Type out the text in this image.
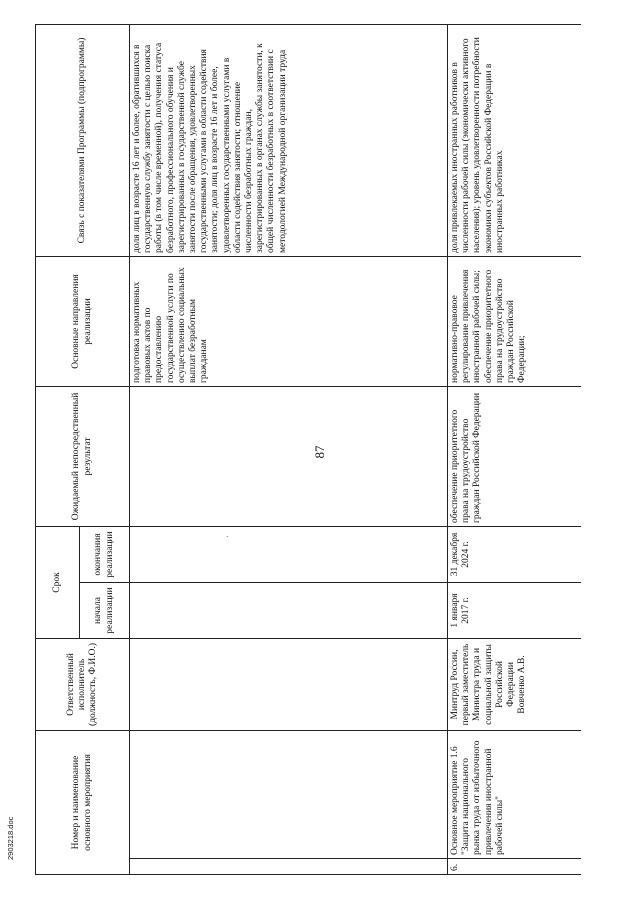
Номер и наименование основного мероприятия		Ответственный исполнитель (должность, Ф.И.О.)	Срок		Ожидаемый непосредственный результат	Основные направления реализации	Связь с показателями Программы (подпрограммы)
			начала реализации	окончания реализации			
						подготовка нормативных правовых актов по предоставлению государственной услуги по осуществлению социальных выплат безработным гражданам	доля лиц в возрасте 16 лет и более, обратившихся в государственную службу занятости с целью поиска работы (в том числе временной), получения статуса безработного, профессионального обучения и зарегистрированных в государственной службе занятости после обращения, удовлетворенных государственными услугами в области содействия занятости; доля лиц в возрасте 16 лет и более, удовлетворенных государственными услугами в области содействия занятости; отношение численности безработных граждан, зарегистрированных в органах службы занятости, к общей численности безработных в соответствии с методологией Международной организации труда
6.	Основное мероприятие 1.6 "Защита национального рынка труда от избыточного привлечения иностранной рабочей силы"	Минтруд России, первый заместитель Министра труда и социальной защиты Российской Федерации Вовченко А.В.	1 января 2017 г.	31 декабря 2024 г.	обеспечение приоритетного права на трудоустройство граждан Российской Федерации	нормативно-правовое регулирование привлечения иностранной рабочей силы; обеспечение приоритетного права на трудоустройство граждан Российской Федерации;	доля привлекаемых иностранных работников в численности рабочей силы (экономически активного населения); уровень удовлетворенности потребности экономики субъектов Российской Федерации в иностранных работниках
87
2903218.doc
·
